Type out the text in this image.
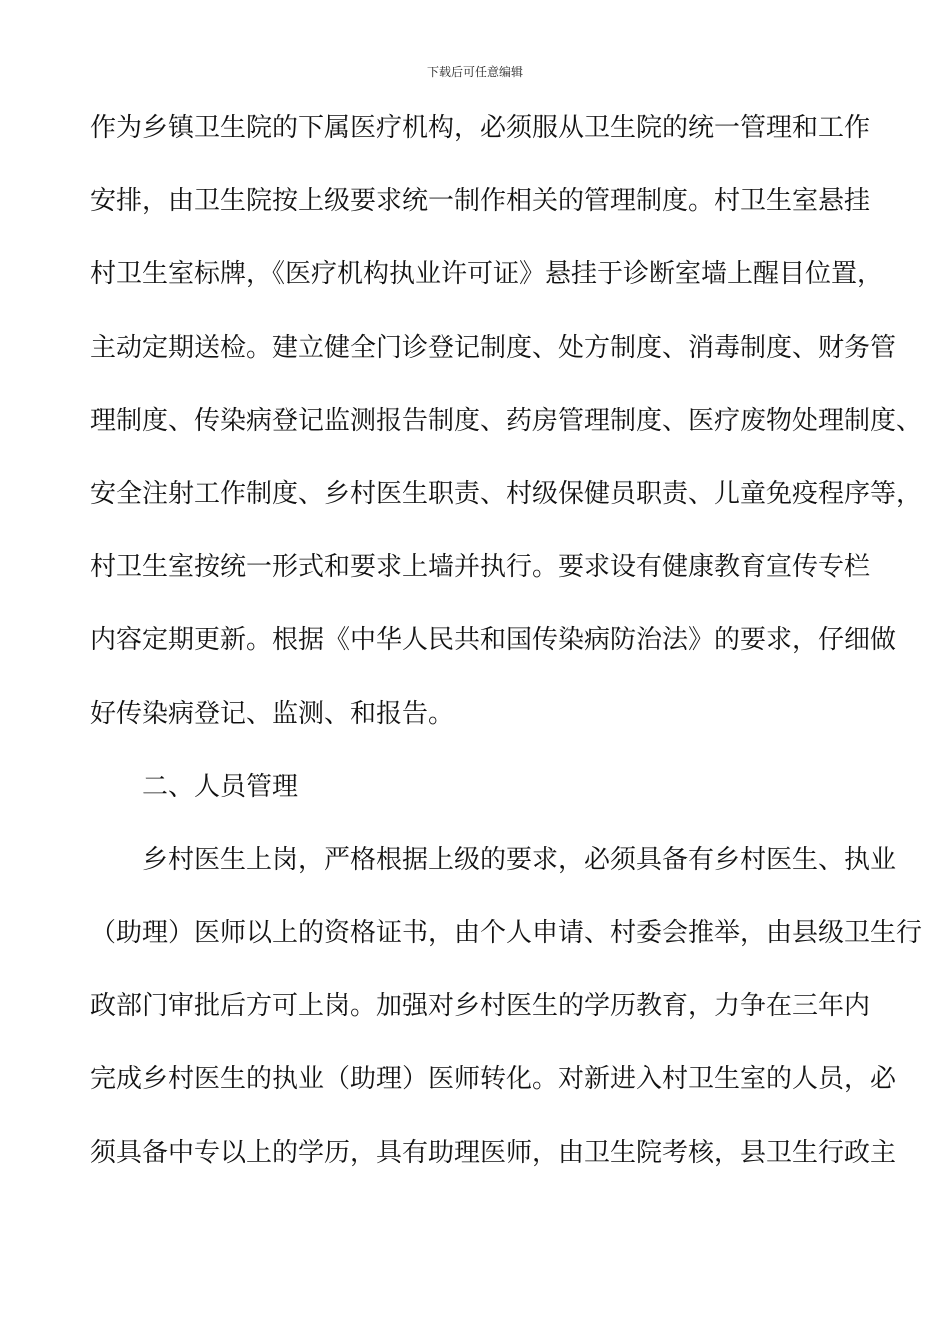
下载后可任意编辑
作为乡镇卫生院的下属医疗机构，必须服从卫生院的统一管理和工作
安排，由卫生院按上级要求统一制作相关的管理制度。村卫生室悬挂
村卫生室标牌，《医疗机构执业许可证》悬挂于诊断室墙上醒目位置，
主动定期送检。建立健全门诊登记制度、处方制度、消毒制度、财务管
理制度、传染病登记监测报告制度、药房管理制度、医疗废物处理制度、
安全注射工作制度、乡村医生职责、村级保健员职责、儿童免疫程序等，
村卫生室按统一形式和要求上墙并执行。要求设有健康教育宣传专栏
内容定期更新。根据《中华人民共和国传染病防治法》的要求，仔细做
好传染病登记、监测、和报告。
二、人员管理
乡村医生上岗，严格根据上级的要求，必须具备有乡村医生、执业
（助理）医师以上的资格证书，由个人申请、村委会推举，由县级卫生行
政部门审批后方可上岗。加强对乡村医生的学历教育，力争在三年内
完成乡村医生的执业（助理）医师转化。对新进入村卫生室的人员，必
须具备中专以上的学历，具有助理医师，由卫生院考核，县卫生行政主
